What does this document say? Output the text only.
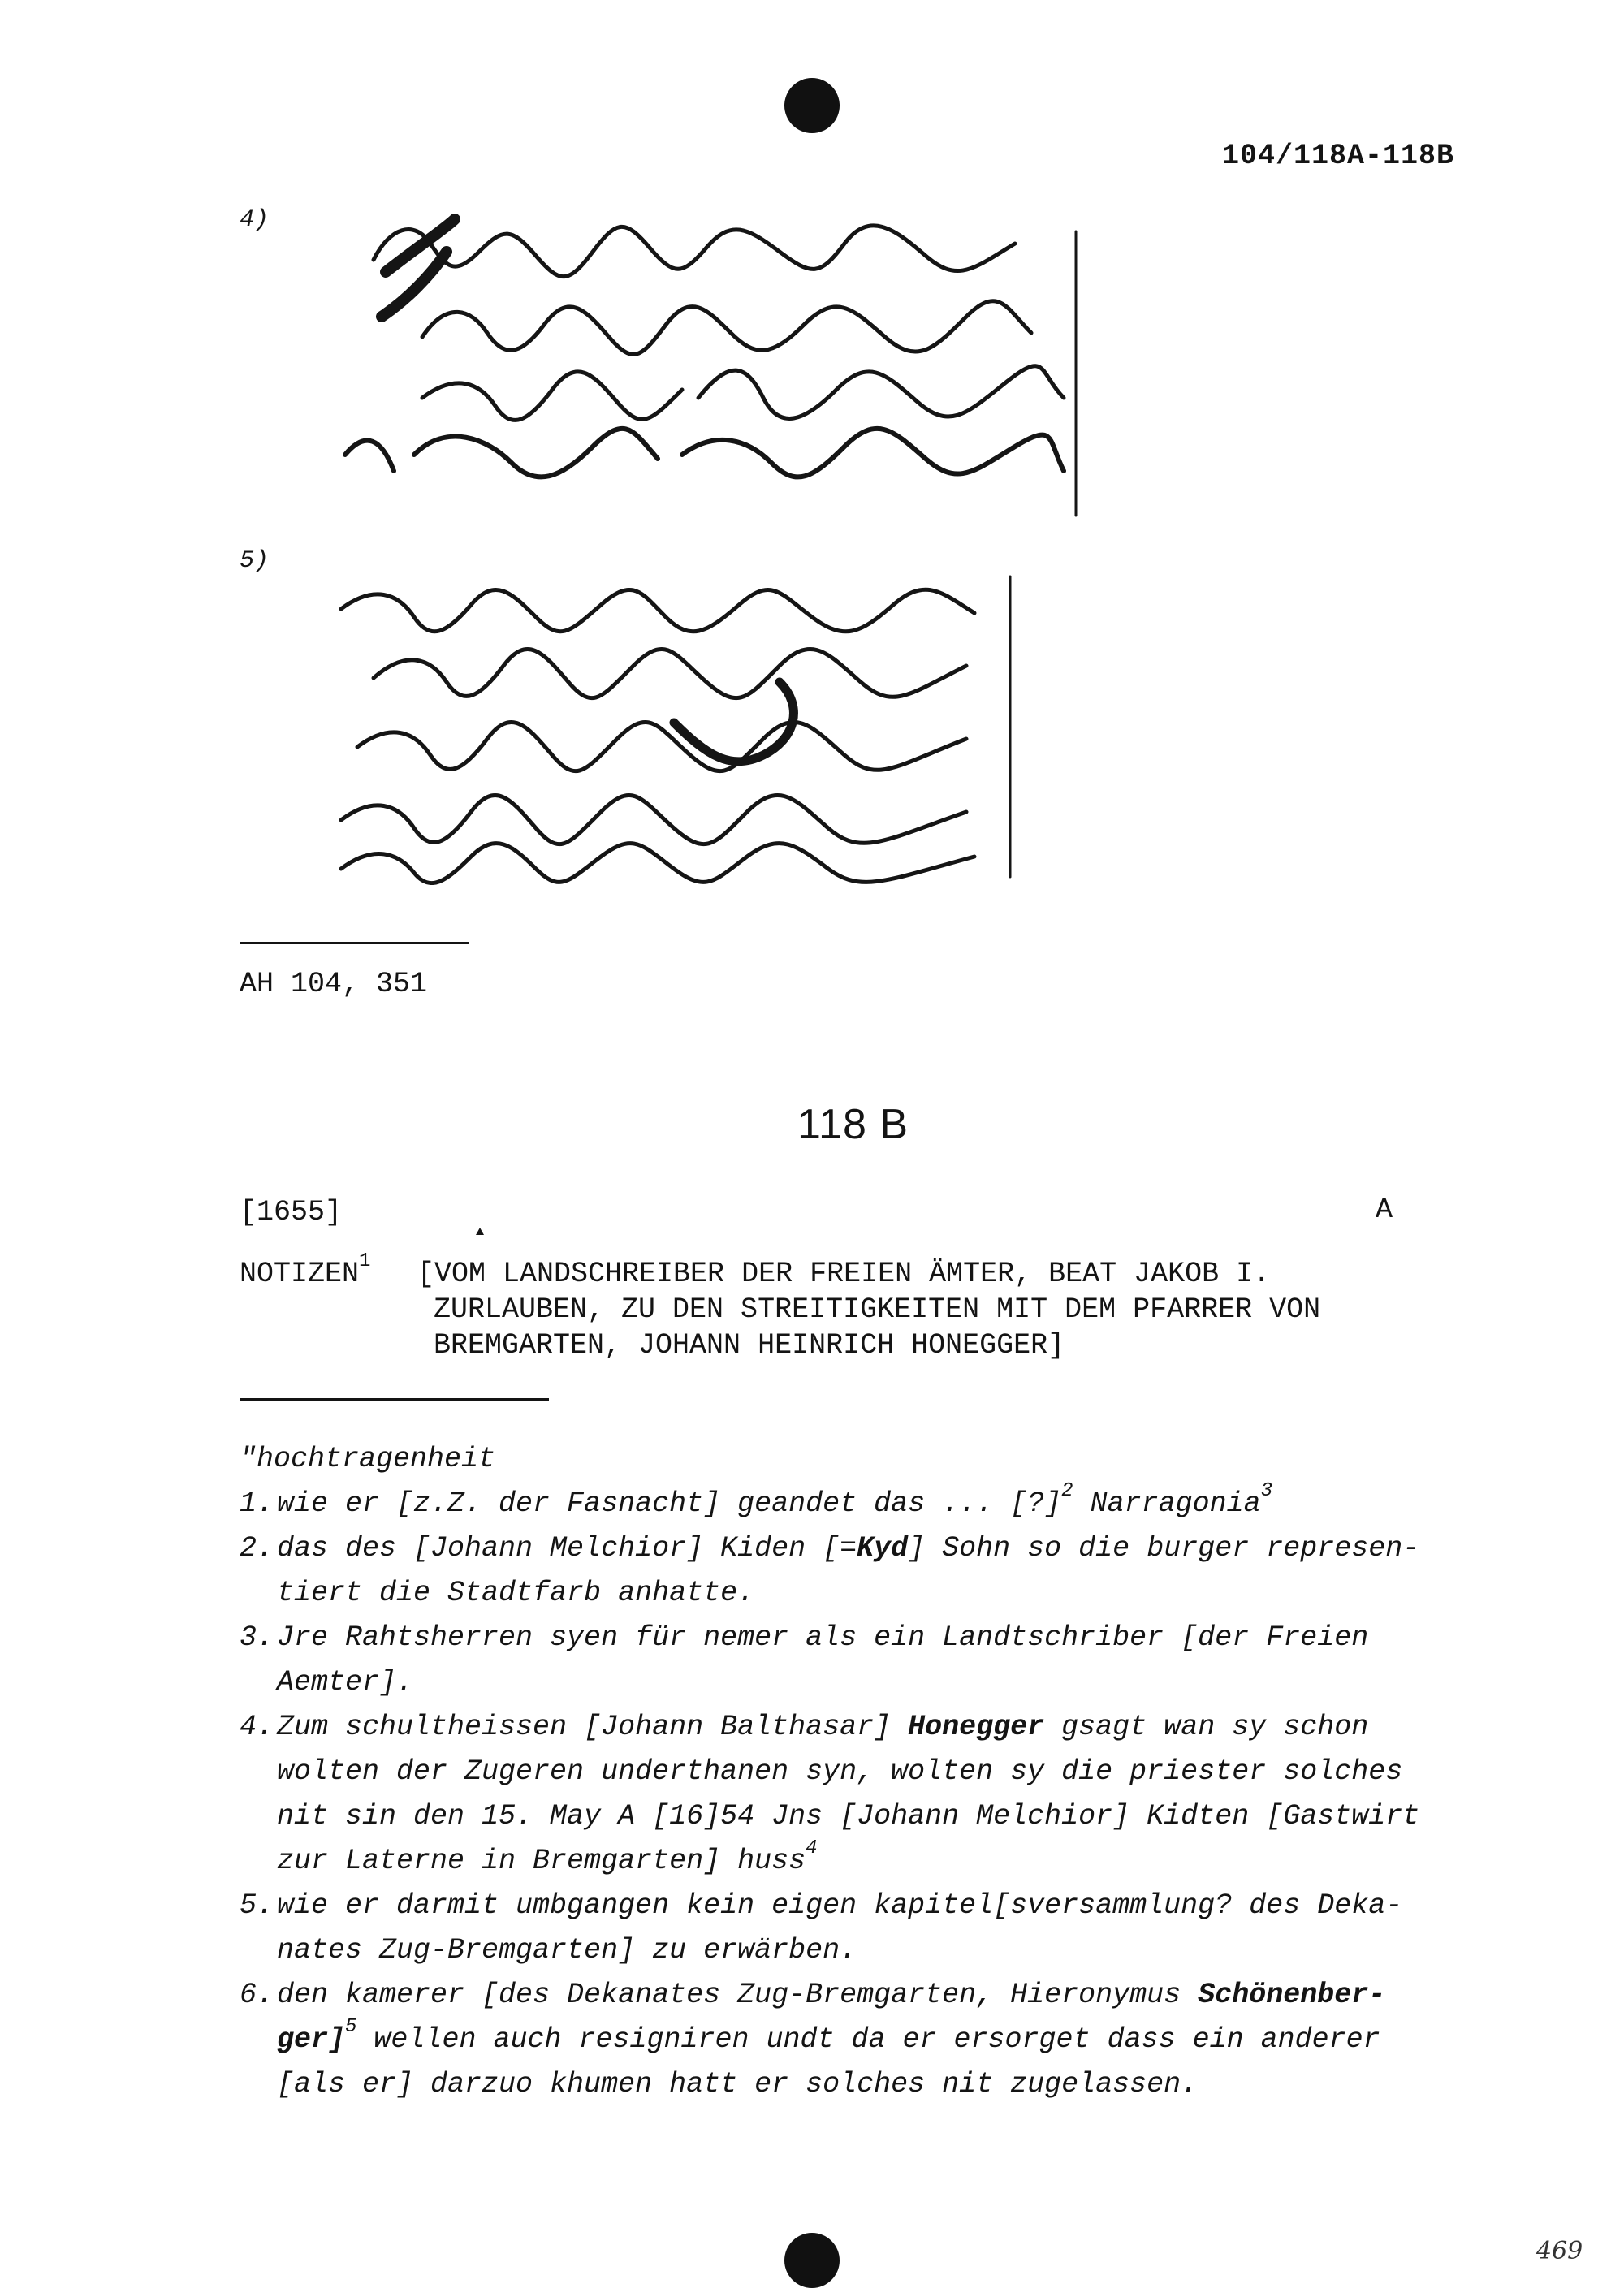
104/118A-118B
4)
5)
AH 104, 351
118 B
[1655]	A
NOTIZEN$^1$ [VOM LANDSCHREIBER DER FREIEN ÄMTER, BEAT JAKOB I.
ZURLAUBEN, ZU DEN STREITIGKEITEN MIT DEM PFARRER VON
BREMGARTEN, JOHANN HEINRICH HONEGGER]
"hochtragenheit
1. wie er [z.Z. der Fasnacht] geandet das ... [?]$^2$ Narragonia$^3$
2. das des [Johann Melchior] Kiden [=Kyd] Sohn so die burger represen-
tiert die Stadtfarb anhatte.
3. Jre Rahtsherren syen für nemer als ein Landtschriber [der Freien
Aemter].
4. Zum schultheissen [Johann Balthasar] Honegger gsagt wan sy schon
wolten der Zugeren underthanen syn, wolten sy die priester solches
nit sin den 15. May A [16]54 Jns [Johann Melchior] Kidten [Gastwirt
zur Laterne in Bremgarten] huss$^4$
5. wie er darmit umbgangen kein eigen kapitel[sversammlung? des Deka-
nates Zug-Bremgarten] zu erwärben.
6. den kamerer [des Dekanates Zug-Bremgarten, Hieronymus Schönenber-
ger]$^5$ wellen auch resigniren undt da er ersorget dass ein anderer
[als er] darzuo khumen hatt er solches nit zugelassen.
469
